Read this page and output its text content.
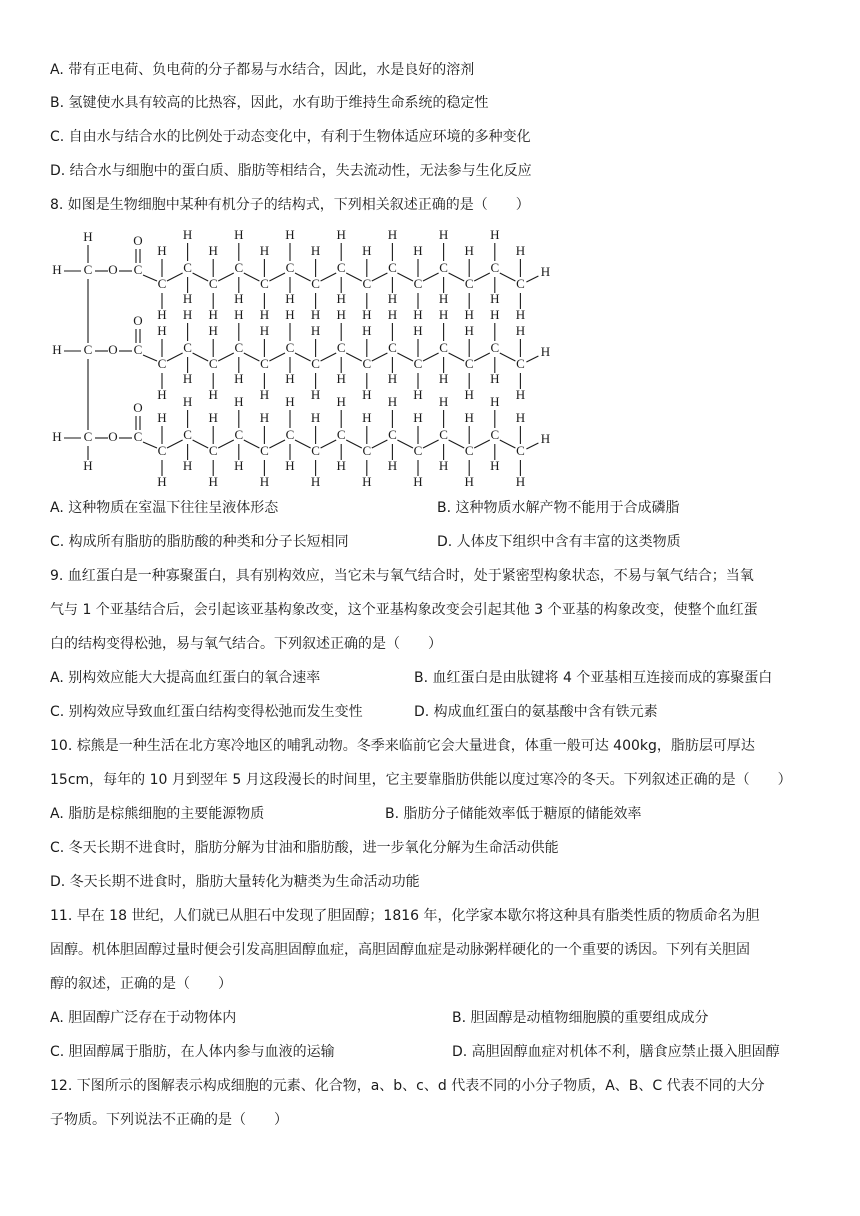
A. 带有正电荷、负电荷的分子都易与水结合，因此，水是良好的溶剂
B. 氢键使水具有较高的比热容，因此，水有助于维持生命系统的稳定性
C. 自由水与结合水的比例处于动态变化中，有利于生物体适应环境的多种变化
D. 结合水与细胞中的蛋白质、脂肪等相结合，失去流动性，无法参与生化反应
8. 如图是生物细胞中某种有机分子的结构式，下列相关叙述正确的是（　　）
H C O C
O
C
H
H
C
H
H
C
H
H
C
H
H
C
H
H
C
H
H
C
H
H
C
H
H
C
H
H
C
H
H
C
H
H
C
H
H
C
H
H
C
H
H
C
H
H
H
H
H C O C
O
C
H
H
C
H
H
C
H
H
C
H
H
C
H
H
C
H
H
C
H
H
C
H
H
C
H
H
C
H
H
C
H
H
C
H
H
C
H
H
C
H
H
C
H
H
H
H C O C
O
C
H
H
C
H
H
C
H
H
C
H
H
C
H
H
C
H
H
C
H
H
C
H
H
C
H
H
C
H
H
C
H
H
C
H
H
C
H
H
C
H
H
C
H
H
H
H
A. 这种物质在室温下往往呈液体形态	B. 这种物质水解产物不能用于合成磷脂
C. 构成所有脂肪的脂肪酸的种类和分子长短相同	D. 人体皮下组织中含有丰富的这类物质
9. 血红蛋白是一种寡聚蛋白，具有别构效应，当它未与氧气结合时，处于紧密型构象状态，不易与氧气结合；当氧
气与 1 个亚基结合后，会引起该亚基构象改变，这个亚基构象改变会引起其他 3 个亚基的构象改变，使整个血红蛋
白的结构变得松弛，易与氧气结合。下列叙述正确的是（　　）
A. 别构效应能大大提高血红蛋白的氧合速率	B. 血红蛋白是由肽键将 4 个亚基相互连接而成的寡聚蛋白
C. 别构效应导致血红蛋白结构变得松弛而发生变性	D. 构成血红蛋白的氨基酸中含有铁元素
10. 棕熊是一种生活在北方寒冷地区的哺乳动物。冬季来临前它会大量进食，体重一般可达 400kg，脂肪层可厚达
15cm，每年的 10 月到翌年 5 月这段漫长的时间里，它主要靠脂肪供能以度过寒冷的冬天。下列叙述正确的是（　　）
A. 脂肪是棕熊细胞的主要能源物质	B. 脂肪分子储能效率低于糖原的储能效率
C. 冬天长期不进食时，脂肪分解为甘油和脂肪酸，进一步氧化分解为生命活动供能
D. 冬天长期不进食时，脂肪大量转化为糖类为生命活动功能
11. 早在 18 世纪，人们就已从胆石中发现了胆固醇；1816 年，化学家本歇尔将这种具有脂类性质的物质命名为胆
固醇。机体胆固醇过量时便会引发高胆固醇血症，高胆固醇血症是动脉粥样硬化的一个重要的诱因。下列有关胆固
醇的叙述，正确的是（　　）
A. 胆固醇广泛存在于动物体内	B. 胆固醇是动植物细胞膜的重要组成成分
C. 胆固醇属于脂肪，在人体内参与血液的运输	D. 高胆固醇血症对机体不利，膳食应禁止摄入胆固醇
12. 下图所示的图解表示构成细胞的元素、化合物，a、b、c、d 代表不同的小分子物质，A、B、C 代表不同的大分
子物质。下列说法不正确的是（　　）
